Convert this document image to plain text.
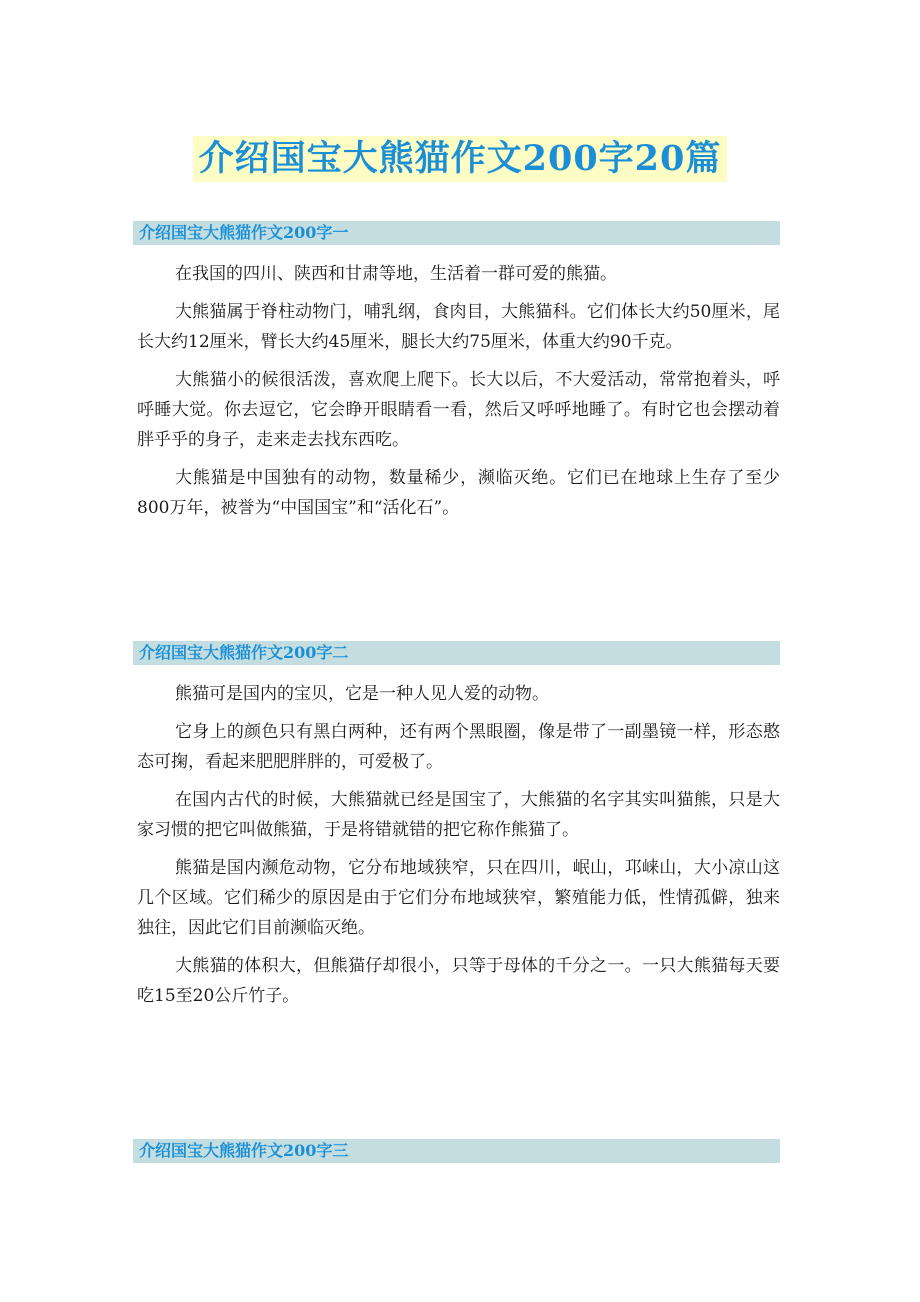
介绍国宝大熊猫作文200字20篇
介绍国宝大熊猫作文200字一

在我国的四川、陕西和甘肃等地，生活着一群可爱的熊猫。

大熊猫属于脊柱动物门，哺乳纲，食肉目，大熊猫科。它们体长大约50厘米，尾长大约12厘米，臂长大约45厘米，腿长大约75厘米，体重大约90千克。

大熊猫小的候很活泼，喜欢爬上爬下。长大以后，不大爱活动，常常抱着头，呼呼睡大觉。你去逗它，它会睁开眼睛看一看，然后又呼呼地睡了。有时它也会摆动着胖乎乎的身子，走来走去找东西吃。

大熊猫是中国独有的动物，数量稀少，濒临灭绝。它们已在地球上生存了至少800万年，被誉为“中国国宝”和“活化石”。

介绍国宝大熊猫作文200字二

熊猫可是国内的宝贝，它是一种人见人爱的动物。

它身上的颜色只有黑白两种，还有两个黑眼圈，像是带了一副墨镜一样，形态憨态可掬，看起来肥肥胖胖的，可爱极了。

在国内古代的时候，大熊猫就已经是国宝了，大熊猫的名字其实叫猫熊，只是大家习惯的把它叫做熊猫，于是将错就错的把它称作熊猫了。

熊猫是国内濒危动物，它分布地域狭窄，只在四川，岷山，邛崃山，大小凉山这几个区域。它们稀少的原因是由于它们分布地域狭窄，繁殖能力低，性情孤僻，独来独往，因此它们目前濒临灭绝。

大熊猫的体积大，但熊猫仔却很小，只等于母体的千分之一。一只大熊猫每天要吃15至20公斤竹子。

介绍国宝大熊猫作文200字三
